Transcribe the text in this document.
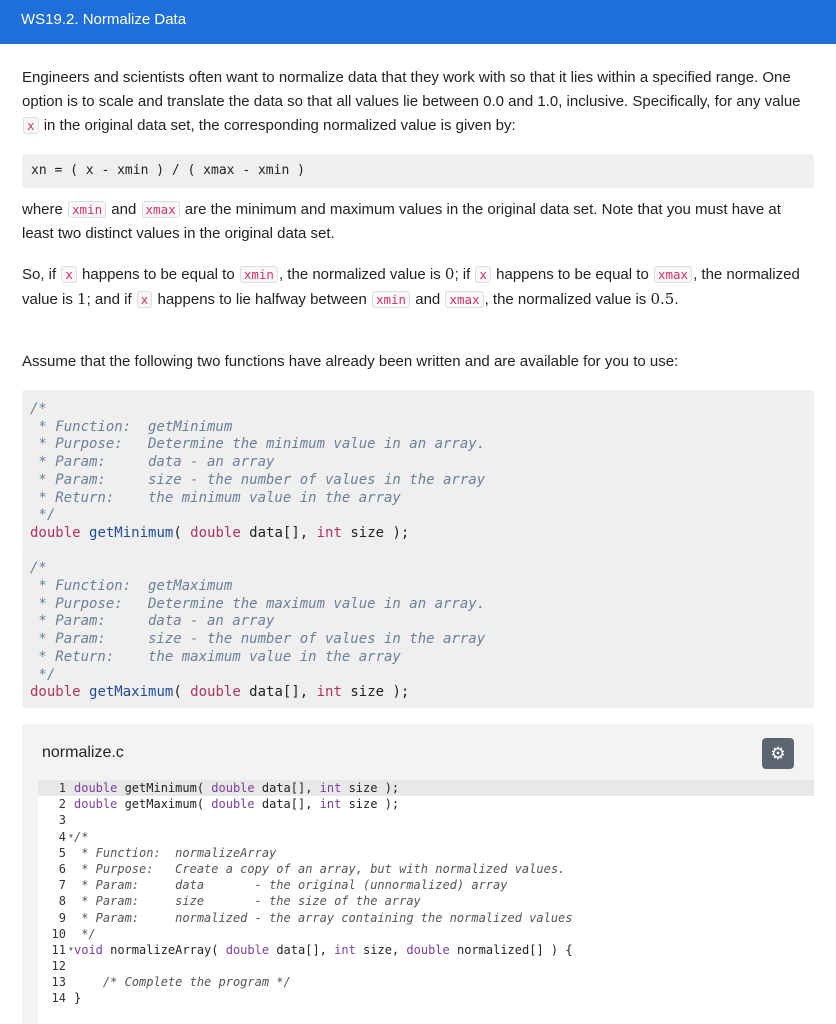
WS19.2. Normalize Data
Engineers and scientists often want to normalize data that they work with so that it lies within a specified range. One option is to scale and translate the data so that all values lie between 0.0 and 1.0, inclusive. Specifically, for any value x in the original data set, the corresponding normalized value is given by:
xn = ( x - xmin ) / ( xmax - xmin )
where xmin and xmax are the minimum and maximum values in the original data set. Note that you must have at least two distinct values in the original data set.
So, if x happens to be equal to xmin , the normalized value is 0; if x happens to be equal to xmax , the normalized value is 1; and if x happens to lie halfway between xmin and xmax , the normalized value is 0.5.
Assume that the following two functions have already been written and are available for you to use:
/*
* Function:  getMinimum
* Purpose:   Determine the minimum value in an array.
* Param:     data - an array
* Param:     size - the number of values in the array
* Return:    the minimum value in the array
*/
double getMinimum( double data[], int size );

/*
* Function:  getMaximum
* Purpose:   Determine the maximum value in an array.
* Param:     data - an array
* Param:     size - the number of values in the array
* Return:    the maximum value in the array
*/
double getMaximum( double data[], int size );
normalize.c	⚙
1 double getMinimum( double data[], int size );
2 double getMaximum( double data[], int size );
3
4 ▾ /*
5 * Function:  normalizeArray
6 * Purpose:   Create a copy of an array, but with normalized values.
7 * Param:     data       - the original (unnormalized) array
8 * Param:     size       - the size of the array
9 * Param:     normalized - the array containing the normalized values
10 */
11 ▾ void normalizeArray( double data[], int size, double normalized[] ) {
12
13 /* Complete the program */
14 }
